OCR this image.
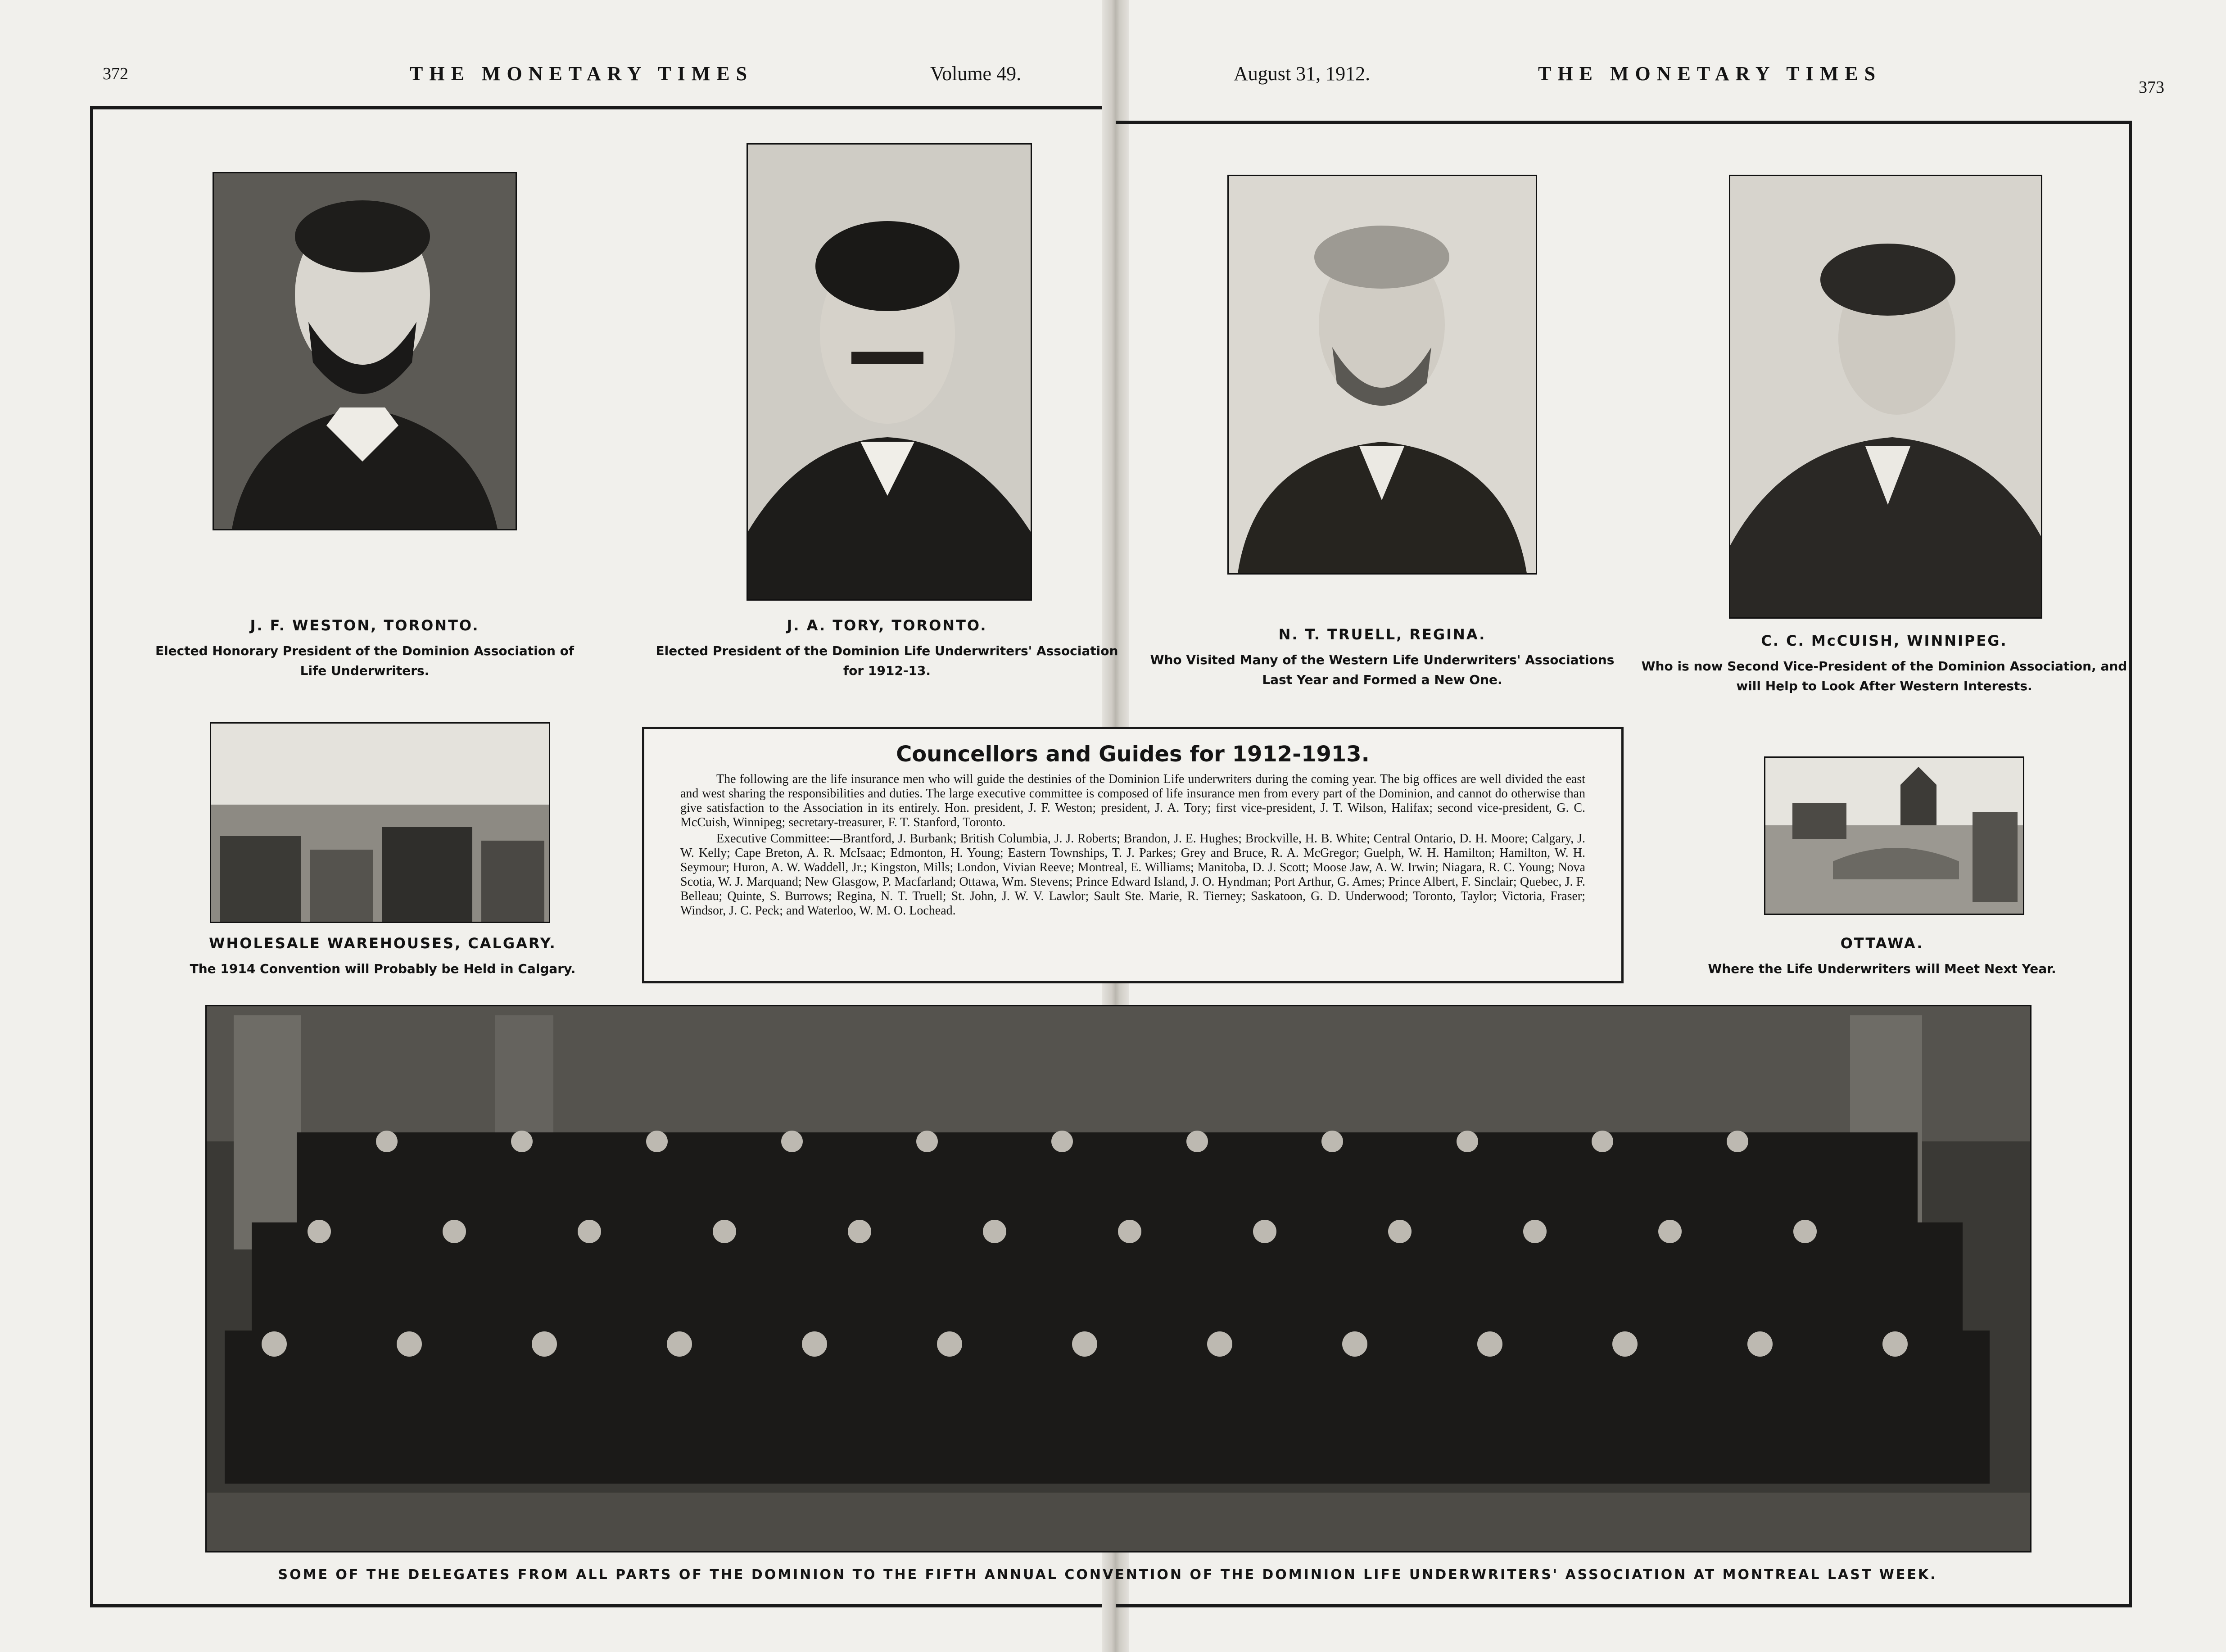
372	THE MONETARY TIMES	Volume 49.	August 31, 1912.	THE MONETARY TIMES
373
J. F. WESTON, TORONTO.
Elected Honorary President of the Dominion Association of Life Underwriters.
J. A. TORY, TORONTO.
Elected President of the Dominion Life Underwriters' Association for 1912-13.
N. T. TRUELL, REGINA.
Who Visited Many of the Western Life Underwriters' Associations Last Year and Formed a New One.
C. C. McCUISH, WINNIPEG.
Who is now Second Vice-President of the Dominion Association, and will Help to Look After Western Interests.
WHOLESALE WAREHOUSES, CALGARY.
The 1914 Convention will Probably be Held in Calgary.
OTTAWA.
Where the Life Underwriters will Meet Next Year.
Councellors and Guides for 1912-1913.

The following are the life insurance men who will guide the destinies of the Dominion Life underwriters during the coming year. The big offices are well divided the east and west sharing the responsibilities and duties. The large executive committee is composed of life insurance men from every part of the Dominion, and cannot do otherwise than give satisfaction to the Association in its entirely. Hon. president, J. F. Weston; president, J. A. Tory; first vice-president, J. T. Wilson, Halifax; second vice-president, G. C. McCuish, Winnipeg; secretary-treasurer, F. T. Stanford, Toronto.

Executive Committee:—Brantford, J. Burbank; British Columbia, J. J. Roberts; Brandon, J. E. Hughes; Brockville, H. B. White; Central Ontario, D. H. Moore; Calgary, J. W. Kelly; Cape Breton, A. R. McIsaac; Edmonton, H. Young; Eastern Townships, T. J. Parkes; Grey and Bruce, R. A. McGregor; Guelph, W. H. Hamilton; Hamilton, W. H. Seymour; Huron, A. W. Waddell, Jr.; Kingston, Mills; London, Vivian Reeve; Montreal, E. Williams; Manitoba, D. J. Scott; Moose Jaw, A. W. Irwin; Niagara, R. C. Young; Nova Scotia, W. J. Marquand; New Glasgow, P. Macfarland; Ottawa, Wm. Stevens; Prince Edward Island, J. O. Hyndman; Port Arthur, G. Ames; Prince Albert, F. Sinclair; Quebec, J. F. Belleau; Quinte, S. Burrows; Regina, N. T. Truell; St. John, J. W. V. Lawlor; Sault Ste. Marie, R. Tierney; Saskatoon, G. D. Underwood; Toronto, Taylor; Victoria, Fraser; Windsor, J. C. Peck; and Waterloo, W. M. O. Lochead.

SOME OF THE DELEGATES FROM ALL PARTS OF THE DOMINION TO THE FIFTH ANNUAL CONVENTION OF THE DOMINION LIFE UNDERWRITERS' ASSOCIATION AT MONTREAL LAST WEEK.
